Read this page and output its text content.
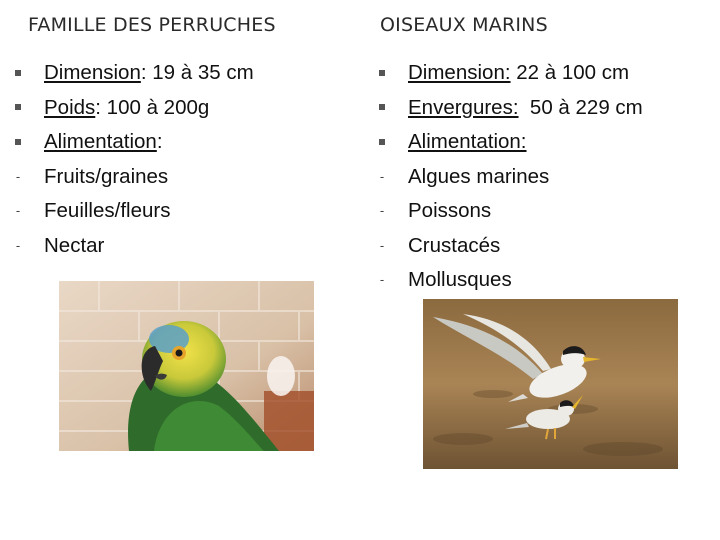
FAMILLE DES PERRUCHES	OISEAUX MARINS
Dimension: 19 à 35 cm
Poids: 100 à 200g
Alimentation:
-
Fruits/graines
-
Feuilles/fleurs
-
Nectar
Dimension: 22 à 100 cm
Envergures:  50 à 229 cm
Alimentation:
-
Algues marines
-
Poissons
-
Crustacés
-
Mollusques
